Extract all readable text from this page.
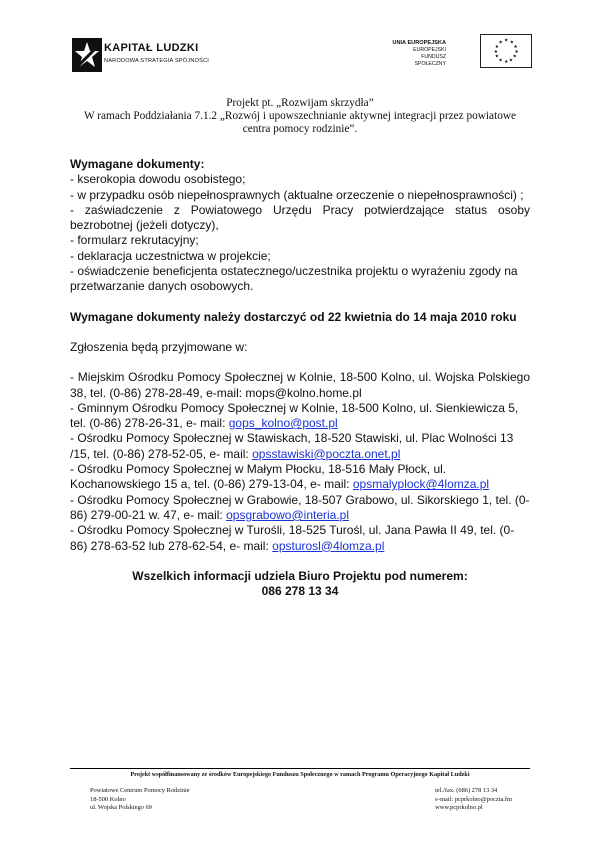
KAPITAŁ LUDZKI
NARODOWA STRATEGIA SPÓJNOŚCI
UNIA EUROPEJSKA
EUROPEJSKI
FUNDUSZ SPOŁECZNY
★ ★
★
★
★
★
★
★
★
★
★
★
Projekt pt. „Rozwijam skrzydła”
W ramach Poddziałania 7.1.2 „Rozwój i upowszechnianie aktywnej integracji przez powiatowe centra pomocy rodzinie”.
Wymagane dokumenty:
- kserokopia dowodu osobistego;
- w przypadku osób niepełnosprawnych (aktualne orzeczenie o niepełnosprawności) ;
- zaświadczenie z Powiatowego Urzędu Pracy potwierdzające status osoby bezrobotnej (jeżeli dotyczy),
- formularz rekrutacyjny;
- deklaracja uczestnictwa w projekcie;
- oświadczenie beneficjenta ostatecznego/uczestnika projektu o wyrażeniu zgody na przetwarzanie danych osobowych.
Wymagane dokumenty należy dostarczyć od 22 kwietnia do 14 maja 2010 roku
Zgłoszenia będą przyjmowane w:
- Miejskim Ośrodku Pomocy Społecznej w Kolnie, 18-500 Kolno, ul. Wojska Polskiego 38, tel. (0-86) 278-28-49, e-mail: mops@kolno.home.pl
- Gminnym Ośrodku Pomocy Społecznej w Kolnie, 18-500 Kolno, ul. Sienkiewicza 5, tel. (0-86) 278-26-31, e- mail: gops_kolno@post.pl
- Ośrodku Pomocy Społecznej w Stawiskach, 18-520 Stawiski, ul. Plac Wolności 13 /15, tel. (0-86) 278-52-05, e- mail: opsstawiski@poczta.onet.pl
- Ośrodku Pomocy Społecznej w Małym Płocku, 18-516 Mały Płock, ul. Kochanowskiego 15 a, tel. (0-86) 279-13-04, e- mail: opsmalyplock@4lomza.pl
- Ośrodku Pomocy Społecznej w Grabowie, 18-507 Grabowo, ul. Sikorskiego 1, tel. (0-86) 279-00-21 w. 47, e- mail: opsgrabowo@interia.pl
- Ośrodku Pomocy Społecznej w Turośli, 18-525 Turośl, ul. Jana Pawła II 49, tel. (0-86) 278-63-52 lub 278-62-54, e- mail: opsturosl@4lomza.pl
Wszelkich informacji udziela Biuro Projektu pod numerem:
086 278 13 34
Projekt współfinansowany ze środków Europejskiego Funduszu Społecznego w ramach Programu Operacyjnego Kapitał Ludzki
Powiatowe Centrum Pomocy Rodzinie
18-500 Kolno
ul. Wojska Polskiego 69
tel./fax. (086) 278 13 34
e-mail: pcprkolno@poczta.fm
www.pcprkolno.pl
